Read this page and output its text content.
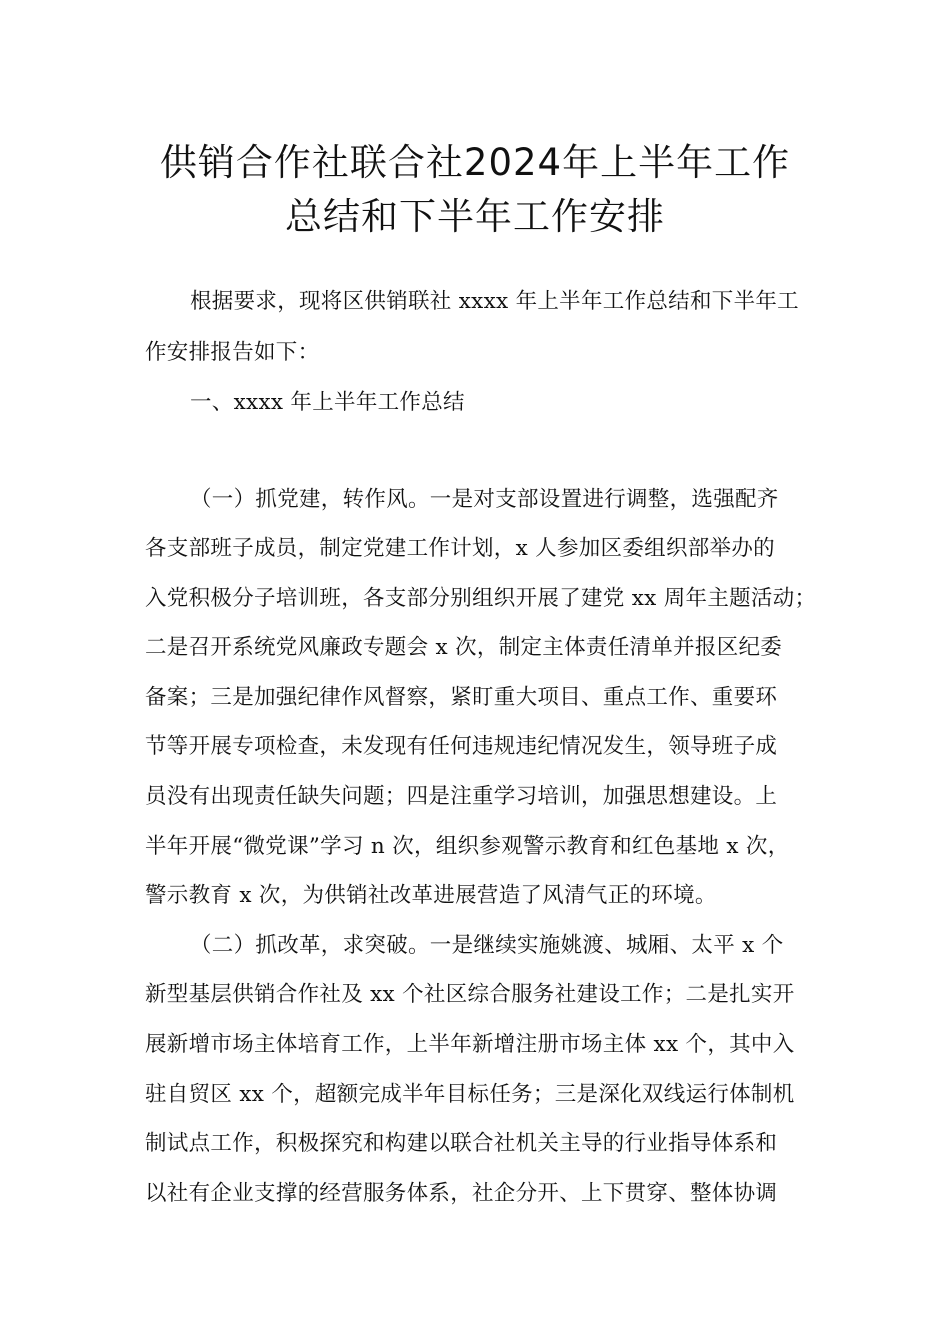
供销合作社联合社2024年上半年工作
总结和下半年工作安排
根据要求，现将区供销联社 xxxx 年上半年工作总结和下半年工
作安排报告如下：
一、xxxx 年上半年工作总结
（一）抓党建，转作风。一是对支部设置进行调整，选强配齐
各支部班子成员，制定党建工作计划，x 人参加区委组织部举办的
入党积极分子培训班，各支部分别组织开展了建党 xx 周年主题活动；
二是召开系统党风廉政专题会 x 次，制定主体责任清单并报区纪委
备案；三是加强纪律作风督察，紧盯重大项目、重点工作、重要环
节等开展专项检查，未发现有任何违规违纪情况发生，领导班子成
员没有出现责任缺失问题；四是注重学习培训，加强思想建设。上
半年开展“微党课”学习 n 次，组织参观警示教育和红色基地 x 次，
警示教育 x 次，为供销社改革进展营造了风清气正的环境。
（二）抓改革，求突破。一是继续实施姚渡、城厢、太平 x 个
新型基层供销合作社及 xx 个社区综合服务社建设工作；二是扎实开
展新增市场主体培育工作，上半年新增注册市场主体 xx 个，其中入
驻自贸区 xx 个，超额完成半年目标任务；三是深化双线运行体制机
制试点工作，积极探究和构建以联合社机关主导的行业指导体系和
以社有企业支撑的经营服务体系，社企分开、上下贯穿、整体协调
